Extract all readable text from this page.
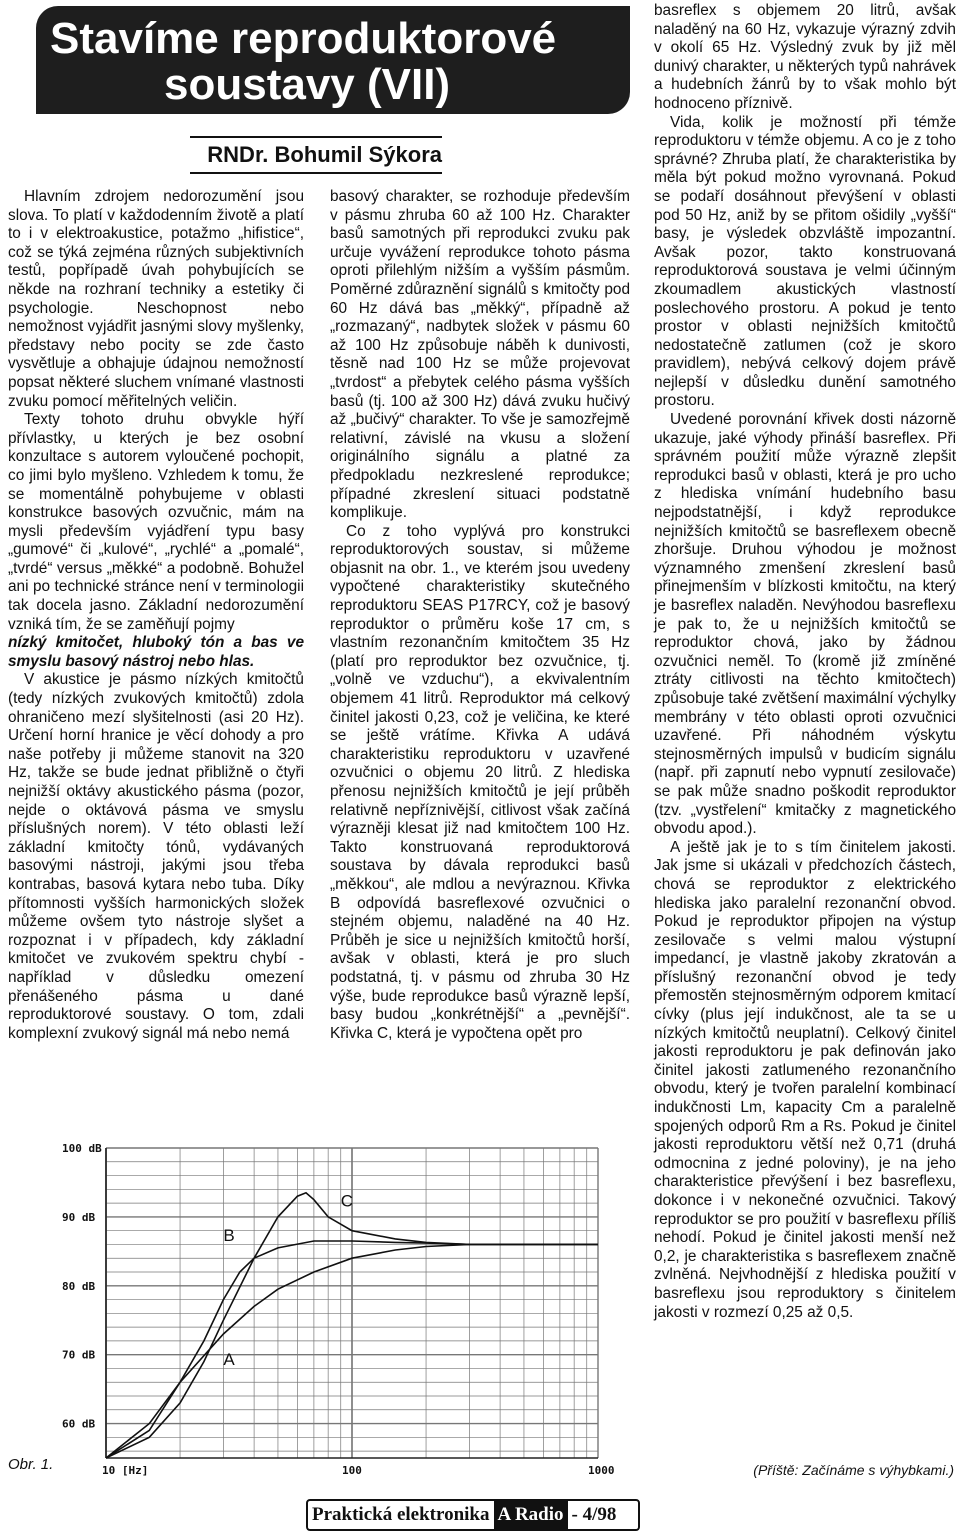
Stavíme reproduktorové
soustavy (VII)
RNDr. Bohumil Sýkora

Hlavním zdrojem nedorozumění jsou slova. To platí v každodenním životě a platí to i v elektroakustice, potažmo „hifistice“, což se týká zejména různých subjektivních testů, popřípadě úvah pohybujících se někde na rozhraní techniky a estetiky či psychologie. Neschopnost nebo nemožnost vyjádřit jasnými slovy myšlenky, představy nebo pocity se zde často vysvětluje a obhajuje údajnou nemožností popsat některé sluchem vnímané vlastnosti zvuku pomocí měřitelných veličin.

Texty tohoto druhu obvykle hýří přívlastky, u kterých je bez osobní konzultace s autorem vyloučené pochopit, co jimi bylo myšleno. Vzhledem k tomu, že se momentálně pohybujeme v oblasti konstrukce basových ozvučnic, mám na mysli především vyjádření typu basy „gumové“ či „kulové“, „rychlé“ a „pomalé“, „tvrdé“ versus „měkké“ a podobně. Bohužel ani po technické stránce není v terminologii tak docela jasno. Základní nedorozumění vzniká tím, že se zaměňují pojmy

nízký kmitočet, hluboký tón a bas ve smyslu basový nástroj nebo hlas.

V akustice je pásmo nízkých kmitočtů (tedy nízkých zvukových kmitočtů) zdola ohraničeno mezí slyšitelnosti (asi 20 Hz). Určení horní hranice je věcí dohody a pro naše potřeby ji můžeme stanovit na 320 Hz, takže se bude jednat přibližně o čtyři nejnižší oktávy akustického pásma (pozor, nejde o oktávová pásma ve smyslu příslušných norem). V této oblasti leží základní kmitočty tónů, vydávaných basovými nástroji, jakými jsou třeba kontrabas, basová kytara nebo tuba. Díky přítomnosti vyšších harmonických složek můžeme ovšem tyto nástroje slyšet a rozpoznat i v případech, kdy základní kmitočet ve zvukovém spektru chybí - například v důsledku omezení přenášeného pásma u dané reproduktorové soustavy. O tom, zdali komplexní zvukový signál má nebo nemá

basový charakter, se rozhoduje především v pásmu zhruba 60 až 100 Hz. Charakter basů samotných při reprodukci zvuku pak určuje vyvážení reprodukce tohoto pásma oproti přilehlým nižším a vyšším pásmům. Poměrné zdůraznění signálů s kmitočty pod 60 Hz dává bas „měkký“, případně až „rozmazaný“, nadbytek složek v pásmu 60 až 100 Hz způsobuje náběh k dunivosti, těsně nad 100 Hz se může projevovat „tvrdost“ a přebytek celého pásma vyšších basů (tj. 100 až 300 Hz) dává zvuku hučivý až „bučivý“ charakter. To vše je samozřejmě relativní, závislé na vkusu a složení originálního signálu a platné za předpokladu nezkreslené reprodukce; případné zkreslení situaci podstatně komplikuje.

Co z toho vyplývá pro konstrukci reproduktorových soustav, si můžeme objasnit na obr. 1., ve kterém jsou uvedeny vypočtené charakteristiky skutečného reproduktoru SEAS P17RCY, což je basový reproduktor o průměru koše 17 cm, s vlastním rezonančním kmitočtem 35 Hz (platí pro reproduktor bez ozvučnice, tj. „volně ve vzduchu“), a ekvivalentním objemem 41 litrů. Reproduktor má celkový činitel jakosti 0,23, což je veličina, ke které se ještě vrátíme. Křivka A udává charakteristiku reproduktoru v uzavřené ozvučnici o objemu 20 litrů. Z hlediska přenosu nejnižších kmitočtů je její průběh relativně nepříznivější, citlivost však začíná výrazněji klesat již nad kmitočtem 100 Hz. Takto konstruovaná reproduktorová soustava by dávala reprodukci basů „měkkou“, ale mdlou a nevýraznou. Křivka B odpovídá basreflexové ozvučnici o stejném objemu, naladěné na 40 Hz. Průběh je sice u nejnižších kmitočtů horší, avšak v oblasti, která je pro sluch podstatná, tj. v pásmu od zhruba 30 Hz výše, bude reprodukce basů výrazně lepší, basy budou „konkrétnější“ a „pevnější“. Křivka C, která je vypočtena opět pro

basreflex s objemem 20 litrů, avšak naladěný na 60 Hz, vykazuje výrazný zdvih v okolí 65 Hz. Výsledný zvuk by již měl dunivý charakter, u některých typů nahrávek a hudebních žánrů by to však mohlo být hodnoceno příznivě.

Vida, kolik je možností při témže reproduktoru v témže objemu. A co je z toho správné? Zhruba platí, že charakteristika by měla být pokud možno vyrovnaná. Pokud se podaří dosáhnout převýšení v oblasti pod 50 Hz, aniž by se přitom ošidily „vyšší“ basy, je výsledek obzvláště impozantní. Avšak pozor, takto konstruovaná reproduktorová soustava je velmi účinným zkoumadlem akustických vlastností poslechového prostoru. A pokud je tento prostor v oblasti nejnižších kmitočtů nedostatečně zatlumen (což je skoro pravidlem), nebývá celkový dojem právě nejlepší v důsledku dunění samotného prostoru.

Uvedené porovnání křivek dosti názorně ukazuje, jaké výhody přináší basreflex. Při správném použití může výrazně zlepšit reprodukci basů v oblasti, která je pro ucho z hlediska vnímání hudebního basu nejpodstatnější, i když reprodukce nejnižších kmitočtů se basreflexem obecně zhoršuje. Druhou výhodou je možnost významného zmenšení zkreslení basů přinejmenším v blízkosti kmitočtu, na který je basreflex naladěn. Nevýhodou basreflexu je pak to, že u nejnižších kmitočtů se reproduktor chová, jako by žádnou ozvučnici neměl. To (kromě již zmíněné ztráty citlivosti na těchto kmitočtech) způsobuje také zvětšení maximální výchylky membrány v této oblasti oproti ozvučnici uzavřené. Při náhodném výskytu stejnosměrných impulsů v budicím signálu (např. při zapnutí nebo vypnutí zesilovače) se pak může snadno poškodit reproduktor (tzv. „vystřelení“ kmitačky z magnetického obvodu apod.).

A ještě jak je to s tím činitelem jakosti. Jak jsme si ukázali v předchozích částech, chová se reproduktor z elektrického hlediska jako paralelní rezonanční obvod. Pokud je reproduktor připojen na výstup zesilovače s velmi malou výstupní impedancí, je vlastně jakoby zkratován a příslušný rezonanční obvod je tedy přemostěn stejnosměrným odporem kmitací cívky (plus její indukčnost, ale ta se u nízkých kmitočtů neuplatní). Celkový činitel jakosti reproduktoru je pak definován jako činitel jakosti zatlumeného rezonančního obvodu, který je tvořen paralelní kombinací indukčnosti Lm, kapacity Cm a paralelně spojených odporů Rm a Rs. Pokud je činitel jakosti reproduktoru větší než 0,71 (druhá odmocnina z jedné poloviny), je na jeho charakteristice převýšení i bez basreflexu, dokonce i v nekonečné ozvučnici. Takový reproduktor se pro použití v basreflexu příliš nehodí. Pokud je činitel jakosti menší než 0,2, je charakteristika s basreflexem značně zvlněná. Nejvhodnější z hlediska použití v basreflexu jsou reproduktory s činitelem jakosti v rozmezí 0,25 až 0,5.

100 dB
90 dB
80 dB
70 dB
60 dB
10 [Hz]	100	1000
A
B
C
Obr. 1.	(Příště: Začínáme s výhybkami.)
Praktická elektronika A Radio - 4/98
